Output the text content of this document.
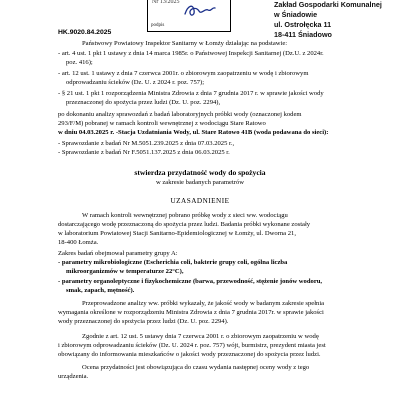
Nr 13/2025
podpis
Zakład Gospodarki Komunalnej
w Śniadowie
ul. Ostrołęcka 11
18-411 Śniadowo
HK.9020.84.2025
Państwowy Powiatowy Inspektor Sanitarny w Łomży działając na podstawie:
- art. 4 ust. 1 pkt 1 ustawy z dnia 14 marca 1985r. o Państwowej Inspekcji Sanitarnej (Dz.U. z 2024r.
poz. 416);
- art. 12 ust. 1 ustawy z dnia 7 czerwca 2001r. o zbiorowym zaopatrzeniu w wodę i zbiorowym
odprowadzaniu ścieków (Dz. U. z 2024 r. poz. 757);
- § 21 ust. 1 pkt 1 rozporządzenia Ministra Zdrowia z dnia 7 grudnia 2017 r. w sprawie jakości wody
przeznaczonej do spożycia przez ludzi (Dz. U. poz. 2294),
po dokonaniu analizy sprawozdań z badań laboratoryjnych próbki wody (oznaczonej kodem
293/F/M) pobranej w ramach kontroli wewnętrznej z wodociągu Stare Ratowo
w dniu 04.03.2025 r. -Stacja Uzdatniania Wody, ul. Stare Ratowo 41B (woda podawana do sieci):
- Sprawozdanie z badań Nr M.5051.239.2025 z dnia 07.03.2025 r.,
- Sprawozdanie z badań Nr F.5051.137.2025 z dnia 06.03.2025 r.
stwierdza przydatność wody do spożycia
w zakresie badanych parametrów
UZASADNIENIE
W ramach kontroli wewnętrznej pobrano próbkę wody z sieci ww. wodociągu
dostarczającego wodę przeznaczoną do spożycia przez ludzi. Badania próbki wykonane zostały
w laboratorium Powiatowej Stacji Sanitarno-Epidemiologicznej w Łomży, ul. Dworna 21,
18-400 Łomża.
Zakres badań obejmował parametry grupy A:
- parametry mikrobiologiczne (Escherichia coli, bakterie grupy coli, ogólna liczba
mikroorganizmów w temperaturze 22°C),
- parametry organoleptyczne i fizykochemiczne (barwa, przewodność, stężenie jonów wodoru,
smak, zapach, mętność).
Przeprowadzone analizy ww. próbki wykazały, że jakość wody w badanym zakresie spełnia
wymagania określone w rozporządzeniu Ministra Zdrowia z dnia 7 grudnia 2017r. w sprawie jakości
wody przeznaczonej do spożycia przez ludzi (Dz. U. poz. 2294).
Zgodnie z art. 12 ust. 5 ustawy dnia 7 czerwca 2001 r. o zbiorowym zaopatrzeniu w wodę
i zbiorowym odprowadzaniu ścieków (Dz. U. 2024 r. poz. 757) wójt, burmistrz, prezydent miasta jest
obowiązany do informowania mieszkańców o jakości wody przeznaczonej do spożycia przez ludzi.
Ocena przydatności jest obowiązująca do czasu wydania następnej oceny wody z tego
urządzenia.
